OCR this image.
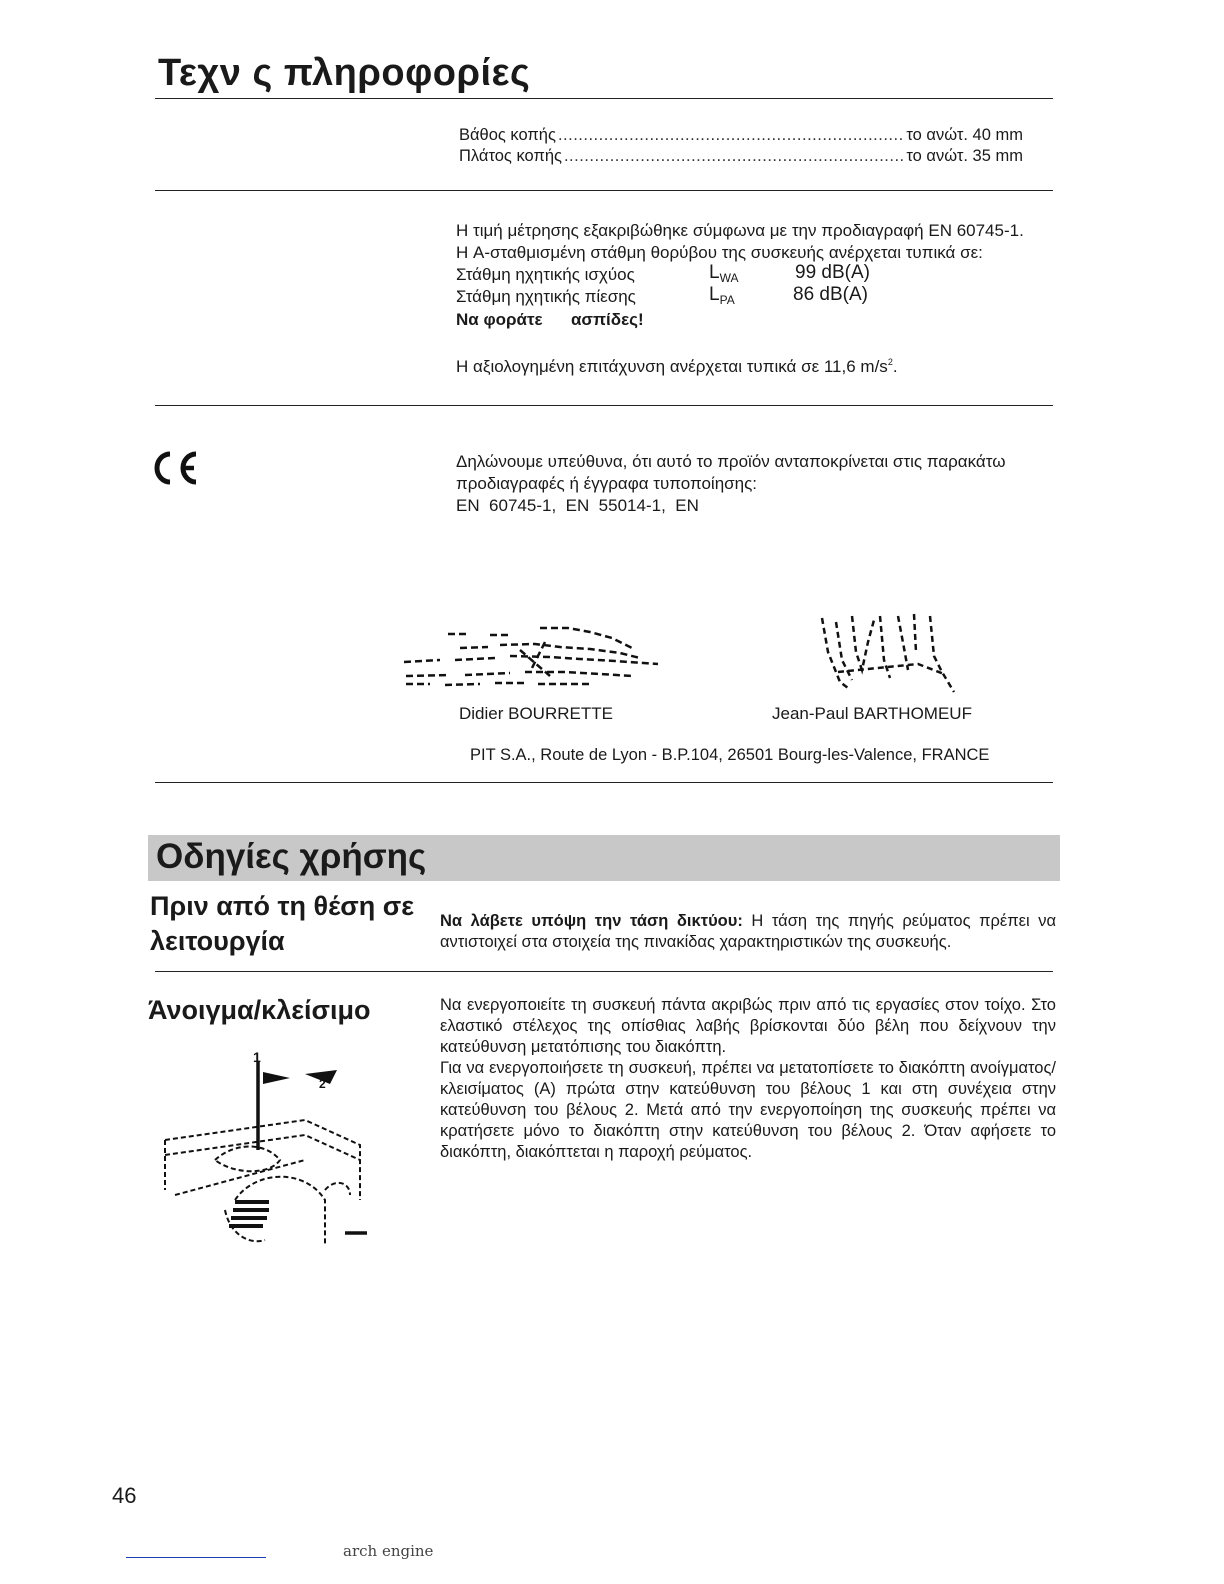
Τεχν ς πληροφορίες
Βάθος κοπής .....	το ανώτ. 40 mm
Πλάτος κοπής .....	το ανώτ. 35 mm
Η τιμή μέτρησης εξακριβώθηκε σύμφωνα με την προδιαγραφή EN 60745-1.
Η A-σταθμισμένη στάθμη θορύβου της συσκευής ανέρχεται τυπικά σε:
Στάθμη ηχητικής ισχύος	$L_{WA}$	99 dB(A)
Στάθμη ηχητικής πίεσης	$L_{PA}$	86 dB(A)
Να φοράτε      ασπίδες!
Η αξιολογημένη επιτάχυνση ανέρχεται τυπικά σε 11,6 $m/s^2$.
Δηλώνουμε υπεύθυνα, ότι αυτό το προϊόν ανταποκρίνεται στις παρακάτω
προδιαγραφές ή έγγραφα τυποποίησης:
EN  60745-1,  EN  55014-1,  EN
Didier BOURRETTE	Jean-Paul BARTHOMEUF
PIT S.A., Route de Lyon - B.P.104, 26501 Bourg-les-Valence, FRANCE
Οδηγίες χρήσης
Πριν από τη θέση σε λειτουργία
Να λάβετε υπόψη την τάση δικτύου: Η τάση της πηγής ρεύματος πρέπει να αντιστοιχεί στα στοιχεία της πινακίδας χαρακτηριστικών της συσκευής.
Άνοιγμα/κλείσιμο	Να ενεργοποιείτε τη συσκευή πάντα ακριβώς πριν από τις εργασίες στον τοίχο. Στο ελαστικό στέλεχος της οπίσθιας λαβής βρίσκονται δύο βέλη που δείχνουν την κατεύθυνση μετατόπισης του διακόπτη.
Για να ενεργοποιήσετε τη συσκευή, πρέπει να μετατοπίσετε το διακόπτη ανοίγματος/κλεισίματος (A) πρώτα στην κατεύθυνση του βέλους 1 και στη συνέχεια στην κατεύθυνση του βέλους 2. Μετά από την ενεργοποίηση της συσκευής πρέπει να κρατήσετε μόνο το διακόπτη στην κατεύθυνση του βέλους 2. Όταν αφήσετε το διακόπτη, διακόπτεται η παροχή ρεύματος.
1
2
46
arch engine
